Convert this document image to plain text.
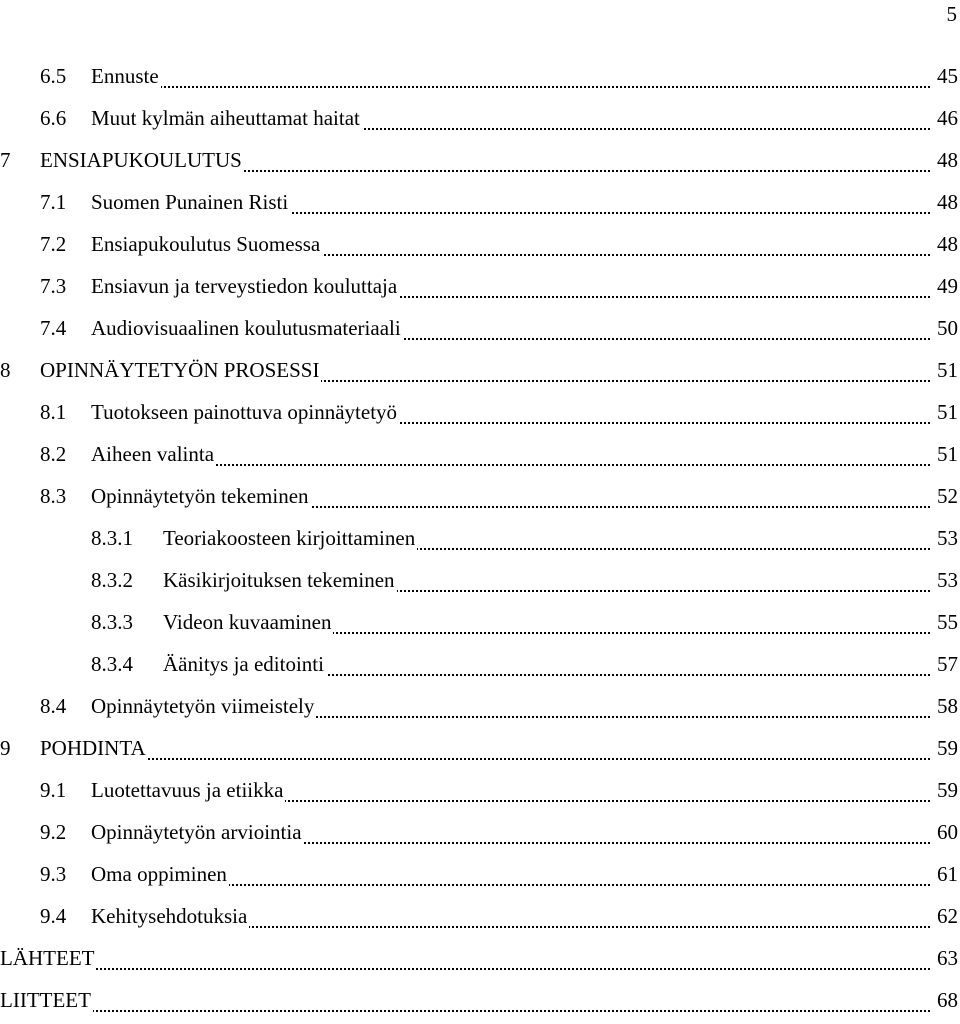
5
6.5 Ennuste	45
6.6 Muut kylmän aiheuttamat haitat	46
7 ENSIAPUKOULUTUS	48
7.1 Suomen Punainen Risti	48
7.2 Ensiapukoulutus Suomessa	48
7.3 Ensiavun ja terveystiedon kouluttaja	49
7.4 Audiovisuaalinen koulutusmateriaali	50
8 OPINNÄYTETYÖN PROSESSI	51
8.1 Tuotokseen painottuva opinnäytetyö	51
8.2 Aiheen valinta	51
8.3 Opinnäytetyön tekeminen	52
8.3.1 Teoriakoosteen kirjoittaminen	53
8.3.2 Käsikirjoituksen tekeminen	53
8.3.3 Videon kuvaaminen	55
8.3.4 Äänitys ja editointi	57
8.4 Opinnäytetyön viimeistely	58
9 POHDINTA	59
9.1 Luotettavuus ja etiikka	59
9.2 Opinnäytetyön arviointia	60
9.3 Oma oppiminen	61
9.4 Kehitysehdotuksia	62
LÄHTEET	63
LIITTEET	68
